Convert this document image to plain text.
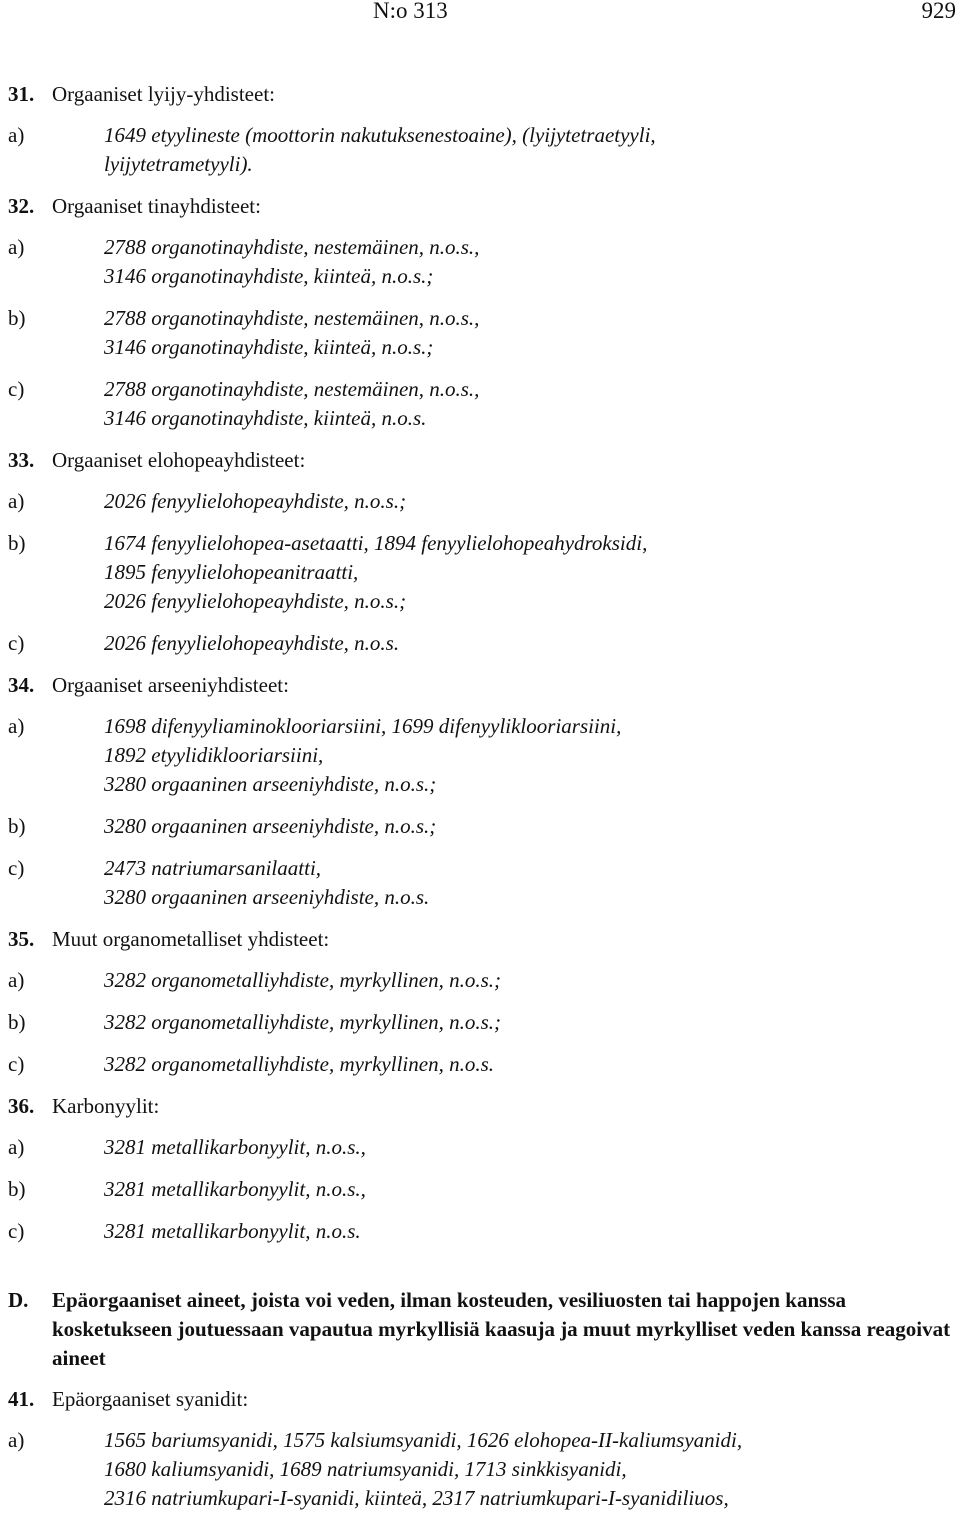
N:o 313	929
31. Orgaaniset lyijy-yhdisteet:
a)	1649 etyylineste (moottorin nakutuksenestoaine), (lyijytetraetyyli,
lyijytetrametyyli).
32. Orgaaniset tinayhdisteet:
a)	2788 organotinayhdiste, nestemäinen, n.o.s.,
3146 organotinayhdiste, kiinteä, n.o.s.;
b)	2788 organotinayhdiste, nestemäinen, n.o.s.,
3146 organotinayhdiste, kiinteä, n.o.s.;
c)	2788 organotinayhdiste, nestemäinen, n.o.s.,
3146 organotinayhdiste, kiinteä, n.o.s.
33. Orgaaniset elohopeayhdisteet:
a)	2026 fenyylielohopeayhdiste, n.o.s.;
b)	1674 fenyylielohopea-asetaatti, 1894 fenyylielohopeahydroksidi,
1895 fenyylielohopeanitraatti,
2026 fenyylielohopeayhdiste, n.o.s.;
c)	2026 fenyylielohopeayhdiste, n.o.s.
34. Orgaaniset arseeniyhdisteet:
a)	1698 difenyyliaminoklooriarsiini, 1699 difenyyliklooriarsiini,
1892 etyylidiklooriarsiini,
3280 orgaaninen arseeniyhdiste, n.o.s.;
b)	3280 orgaaninen arseeniyhdiste, n.o.s.;
c)	2473 natriumarsanilaatti,
3280 orgaaninen arseeniyhdiste, n.o.s.
35. Muut organometalliset yhdisteet:
a)	3282 organometalliyhdiste, myrkyllinen, n.o.s.;
b)	3282 organometalliyhdiste, myrkyllinen, n.o.s.;
c)	3282 organometalliyhdiste, myrkyllinen, n.o.s.
36. Karbonyylit:
a)	3281 metallikarbonyylit, n.o.s.,
b)	3281 metallikarbonyylit, n.o.s.,
c)	3281 metallikarbonyylit, n.o.s.
D. Epäorgaaniset aineet, joista voi veden, ilman kosteuden, vesiliuosten tai happojen kanssa kosketukseen joutuessaan vapautua myrkyllisiä kaasuja ja muut myrkylliset veden kanssa reagoivat aineet
41. Epäorgaaniset syanidit:
a)	1565 bariumsyanidi, 1575 kalsiumsyanidi, 1626 elohopea-II-kaliumsyanidi,
1680 kaliumsyanidi, 1689 natriumsyanidi, 1713 sinkkisyanidi,
2316 natriumkupari-I-syanidi, kiinteä, 2317 natriumkupari-I-syanidiliuos,
